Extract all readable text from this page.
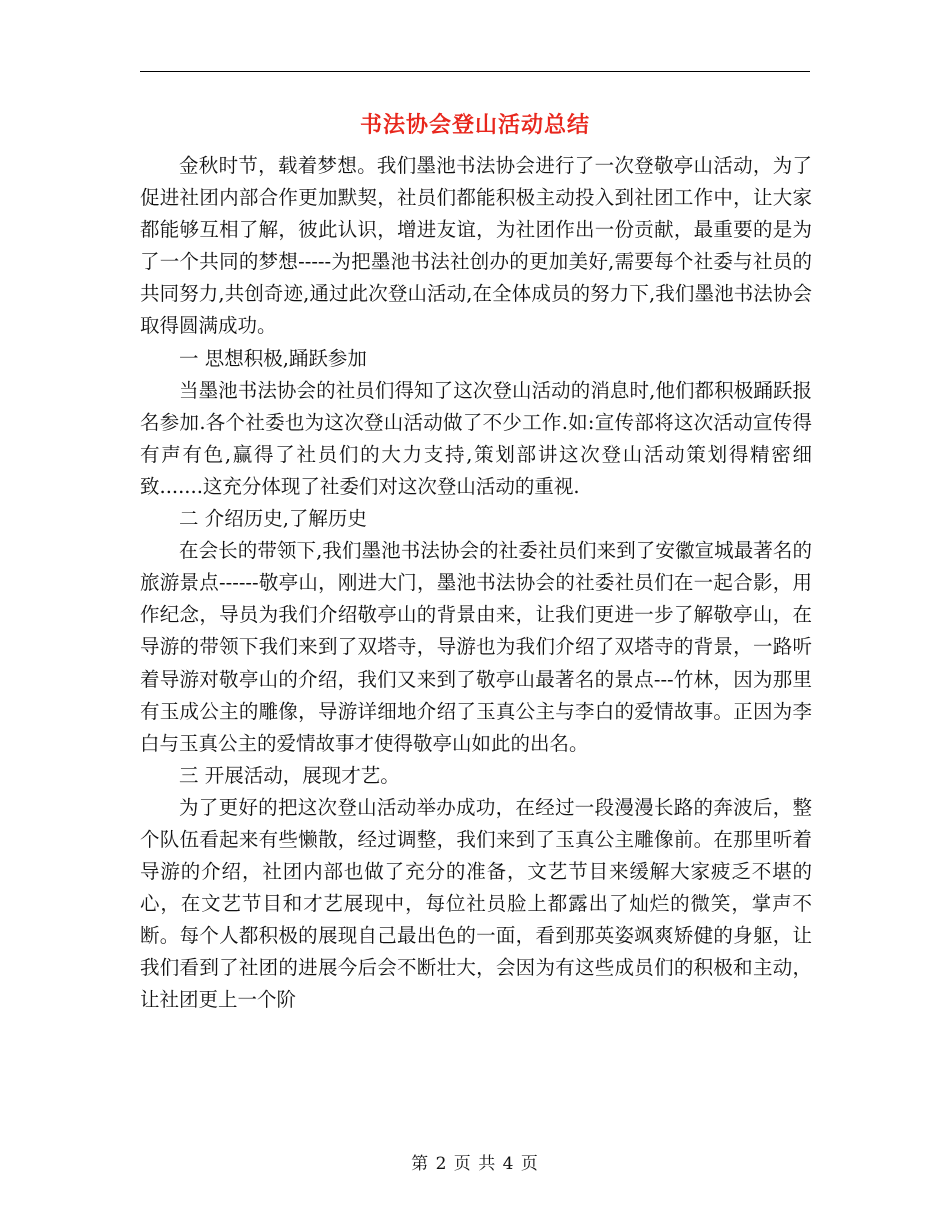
书法协会登山活动总结

金秋时节，载着梦想。我们墨池书法协会进行了一次登敬亭山活动，为了促进社团内部合作更加默契，社员们都能积极主动投入到社团工作中，让大家都能够互相了解，彼此认识，增进友谊，为社团作出一份贡献，最重要的是为了一个共同的梦想-----为把墨池书法社创办的更加美好,需要每个社委与社员的共同努力,共创奇迹,通过此次登山活动,在全体成员的努力下,我们墨池书法协会取得圆满成功。

一 思想积极,踊跃参加

当墨池书法协会的社员们得知了这次登山活动的消息时,他们都积极踊跃报名参加.各个社委也为这次登山活动做了不少工作.如:宣传部将这次活动宣传得有声有色,赢得了社员们的大力支持,策划部讲这次登山活动策划得精密细致.......这充分体现了社委们对这次登山活动的重视.

二 介绍历史,了解历史

在会长的带领下,我们墨池书法协会的社委社员们来到了安徽宣城最著名的旅游景点------敬亭山，刚进大门，墨池书法协会的社委社员们在一起合影，用作纪念，导员为我们介绍敬亭山的背景由来，让我们更进一步了解敬亭山，在导游的带领下我们来到了双塔寺，导游也为我们介绍了双塔寺的背景，一路听着导游对敬亭山的介绍，我们又来到了敬亭山最著名的景点---竹林，因为那里有玉成公主的雕像，导游详细地介绍了玉真公主与李白的爱情故事。正因为李白与玉真公主的爱情故事才使得敬亭山如此的出名。

三 开展活动，展现才艺。

为了更好的把这次登山活动举办成功，在经过一段漫漫长路的奔波后，整个队伍看起来有些懒散，经过调整，我们来到了玉真公主雕像前。在那里听着导游的介绍，社团内部也做了充分的准备，文艺节目来缓解大家疲乏不堪的心，在文艺节目和才艺展现中，每位社员脸上都露出了灿烂的微笑，掌声不断。每个人都积极的展现自己最出色的一面，看到那英姿飒爽矫健的身躯，让我们看到了社团的进展今后会不断壮大，会因为有这些成员们的积极和主动，让社团更上一个阶

第 2 页 共 4 页
